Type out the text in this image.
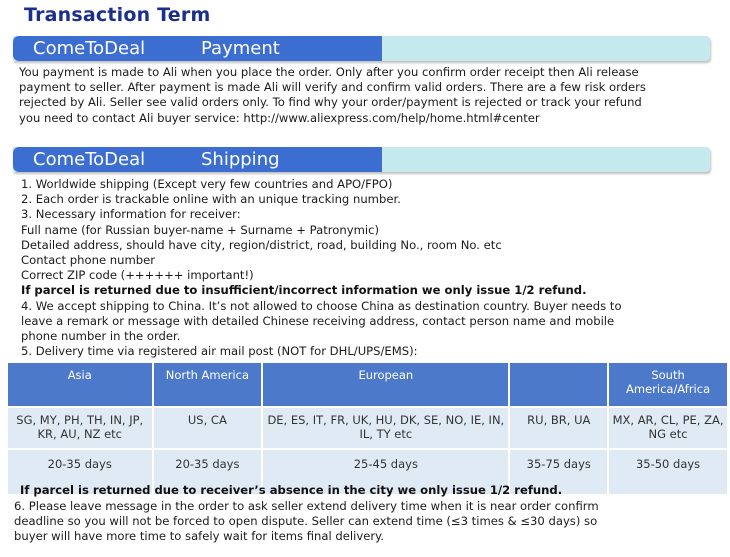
Transaction Term
ComeToDeal	Payment
You payment is made to Ali when you place the order. Only after you confirm order receipt then Ali release
payment to seller. After payment is made Ali will verify and confirm valid orders. There are a few risk orders
rejected by Ali. Seller see valid orders only. To find why your order/payment is rejected or track your refund
you need to contact Ali buyer service: http://www.aliexpress.com/help/home.html#center
ComeToDeal	Shipping
1. Worldwide shipping (Except very few countries and APO/FPO)
2. Each order is trackable online with an unique tracking number.
3. Necessary information for receiver:
Full name (for Russian buyer-name + Surname + Patronymic)
Detailed address, should have city, region/district, road, building No., room No. etc
Contact phone number
Correct ZIP code (++++++ important!)
If parcel is returned due to insufficient/incorrect information we only issue 1/2 refund.
4. We accept shipping to China. It’s not allowed to choose China as destination country. Buyer needs to
leave a remark or message with detailed Chinese receiving address, contact person name and mobile
phone number in the order.
5. Delivery time via registered air mail post (NOT for DHL/UPS/EMS):
Asia	North America	European		South America/Africa
SG, MY, PH, TH, IN, JP, KR, AU, NZ etc	US, CA	DE, ES, IT, FR, UK, HU, DK, SE, NO, IE, IN, IL, TY etc	RU, BR, UA	MX, AR, CL, PE, ZA, NG etc
20-35 days	20-35 days	25-45 days	35-75 days	35-50 days
If parcel is returned due to receiver’s absence in the city we only issue 1/2 refund.
6. Please leave message in the order to ask seller extend delivery time when it is near order confirm
deadline so you will not be forced to open dispute. Seller can extend time (≤3 times & ≤30 days) so
buyer will have more time to safely wait for items final delivery.
